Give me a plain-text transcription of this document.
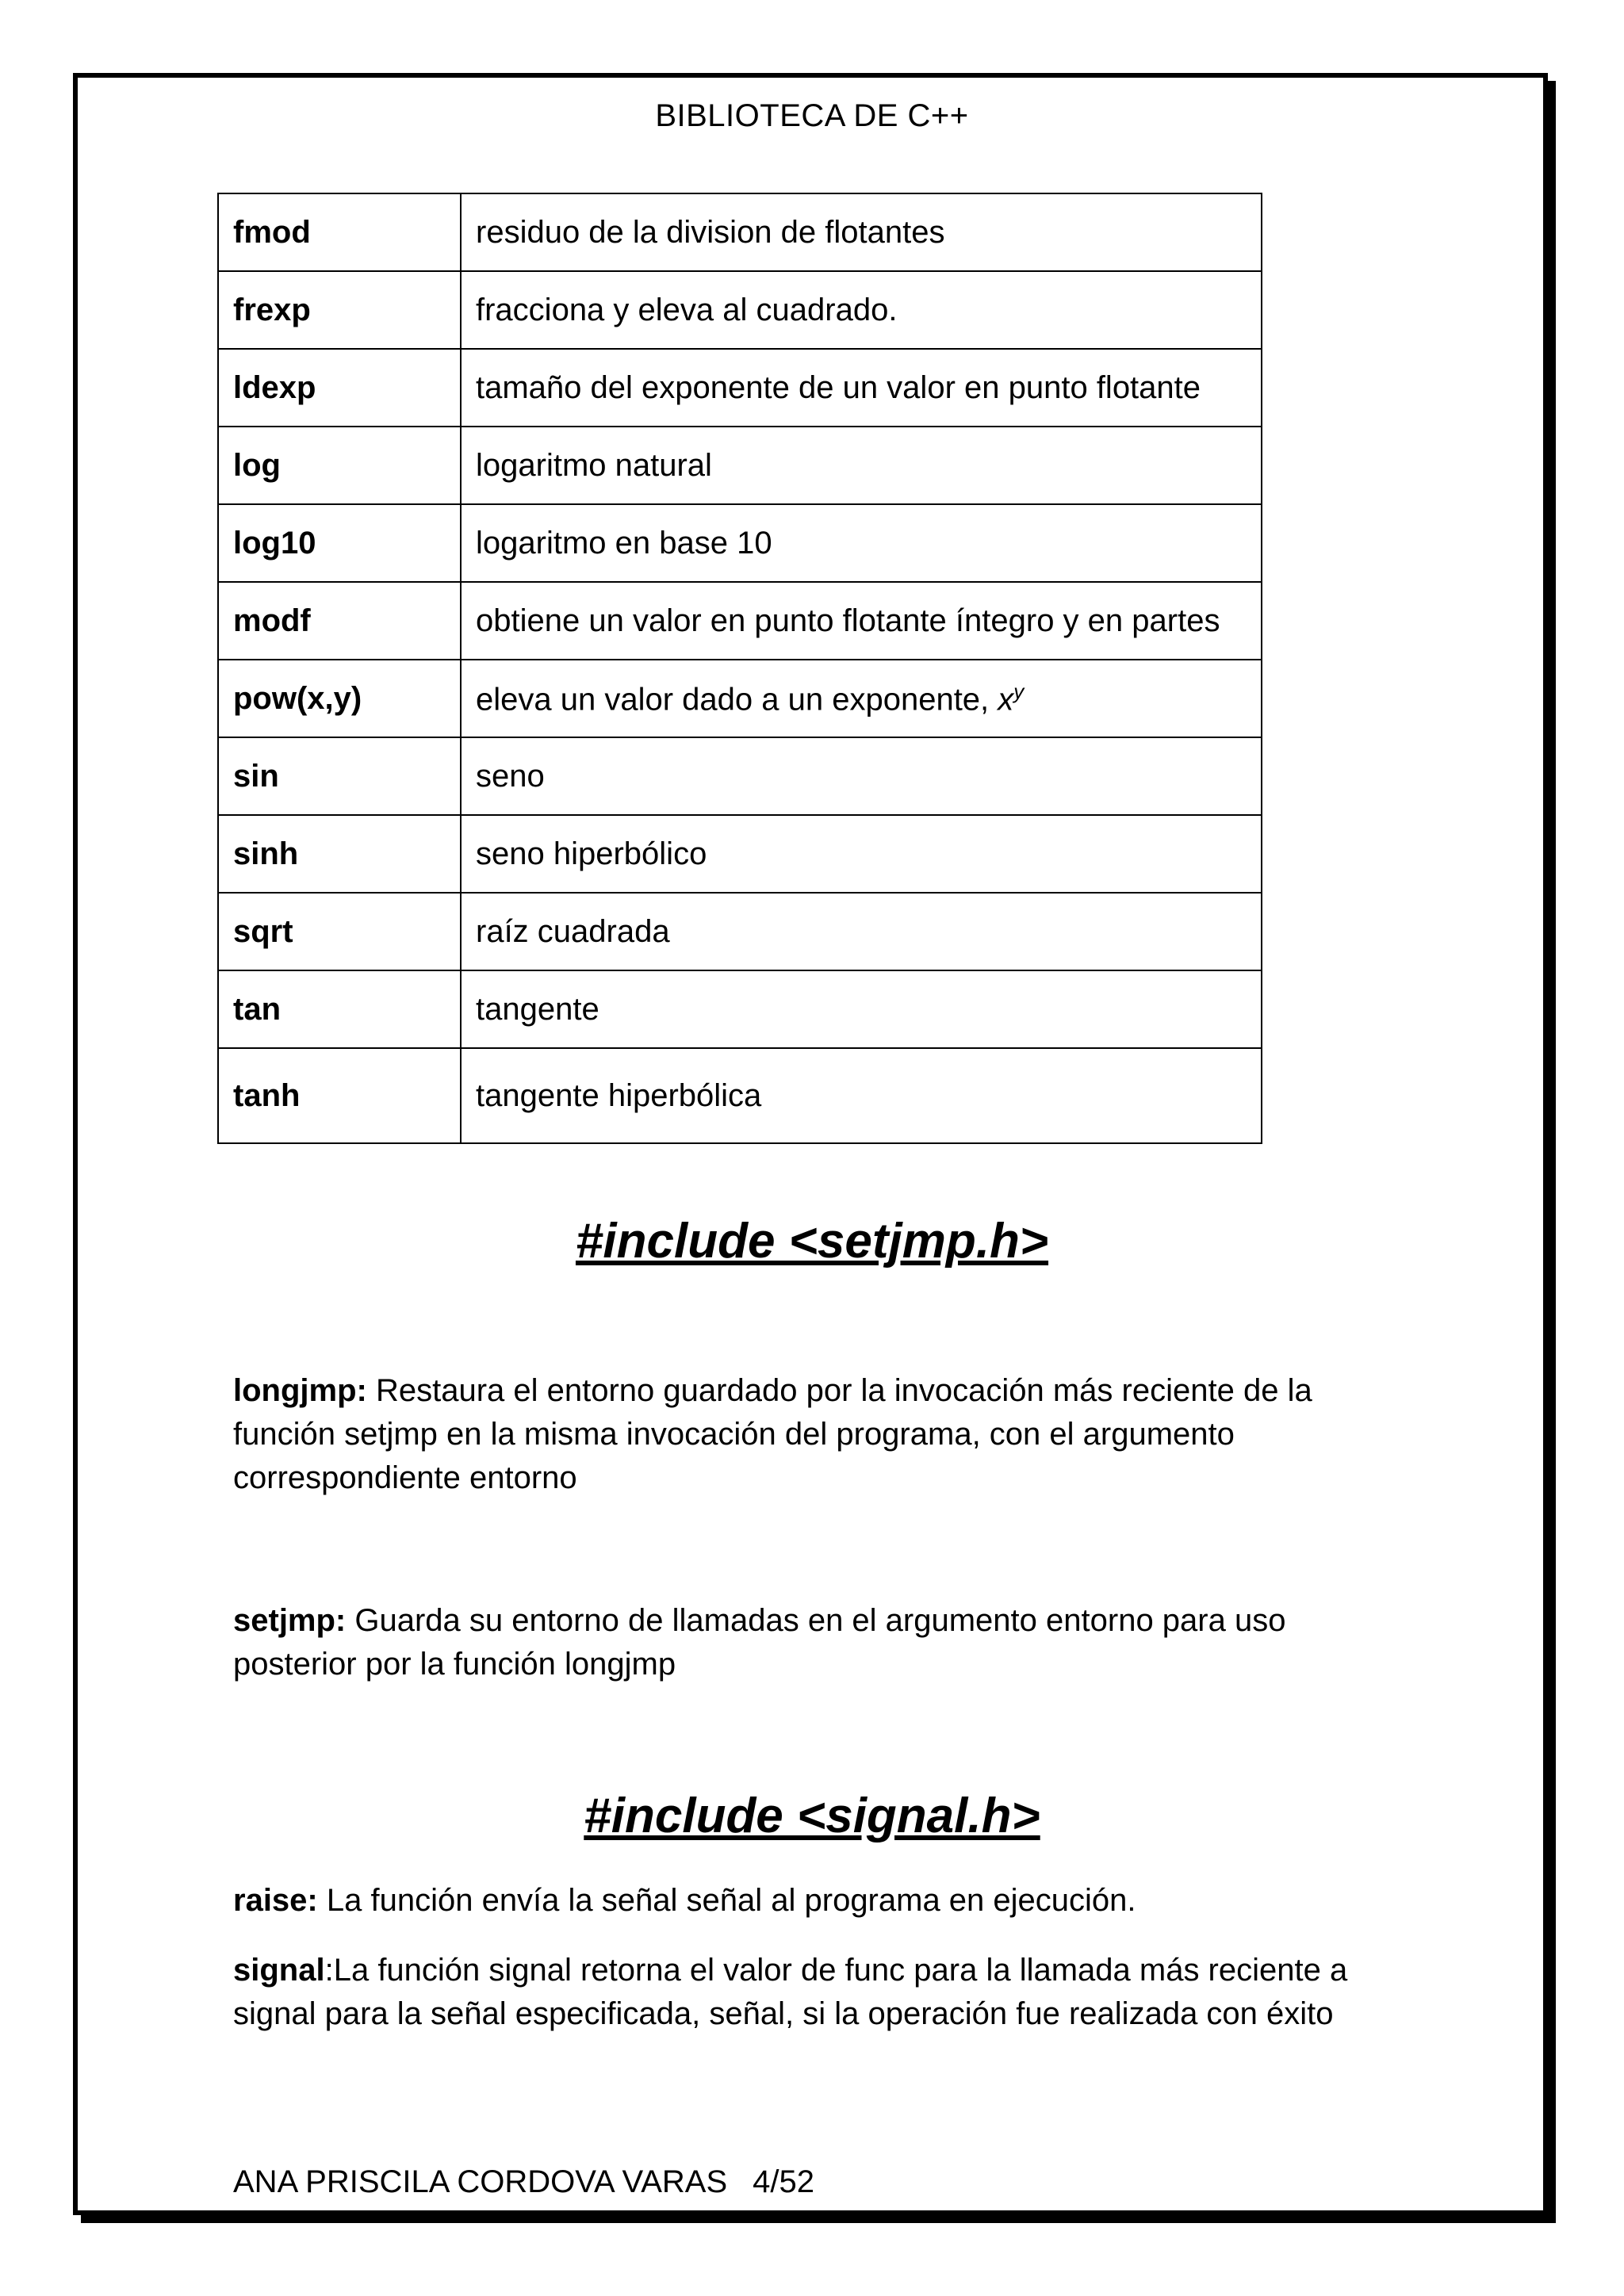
BIBLIOTECA DE C++
fmod	residuo de la division de flotantes
frexp	fracciona y eleva al cuadrado.
ldexp	tamaño del exponente de un valor en punto flotante
log	logaritmo natural
log10	logaritmo en base 10
modf	obtiene un valor en punto flotante íntegro y en partes
pow(x,y)	eleva un valor dado a un exponente, $x^y$
sin	seno
sinh	seno hiperbólico
sqrt	raíz cuadrada
tan	tangente
tanh	tangente hiperbólica
#include <setjmp.h>
longjmp: Restaura el entorno guardado por la invocación más reciente de la función setjmp en la misma invocación del programa, con el argumento correspondiente entorno
setjmp: Guarda su entorno de llamadas en el argumento entorno para uso posterior por la función longjmp
#include <signal.h>
raise: La función envía la señal señal al programa en ejecución.
signal:La función signal retorna el valor de func para la llamada más reciente a signal para la señal especificada, señal, si la operación fue realizada con éxito
ANA PRISCILA CORDOVA VARAS 4/52
